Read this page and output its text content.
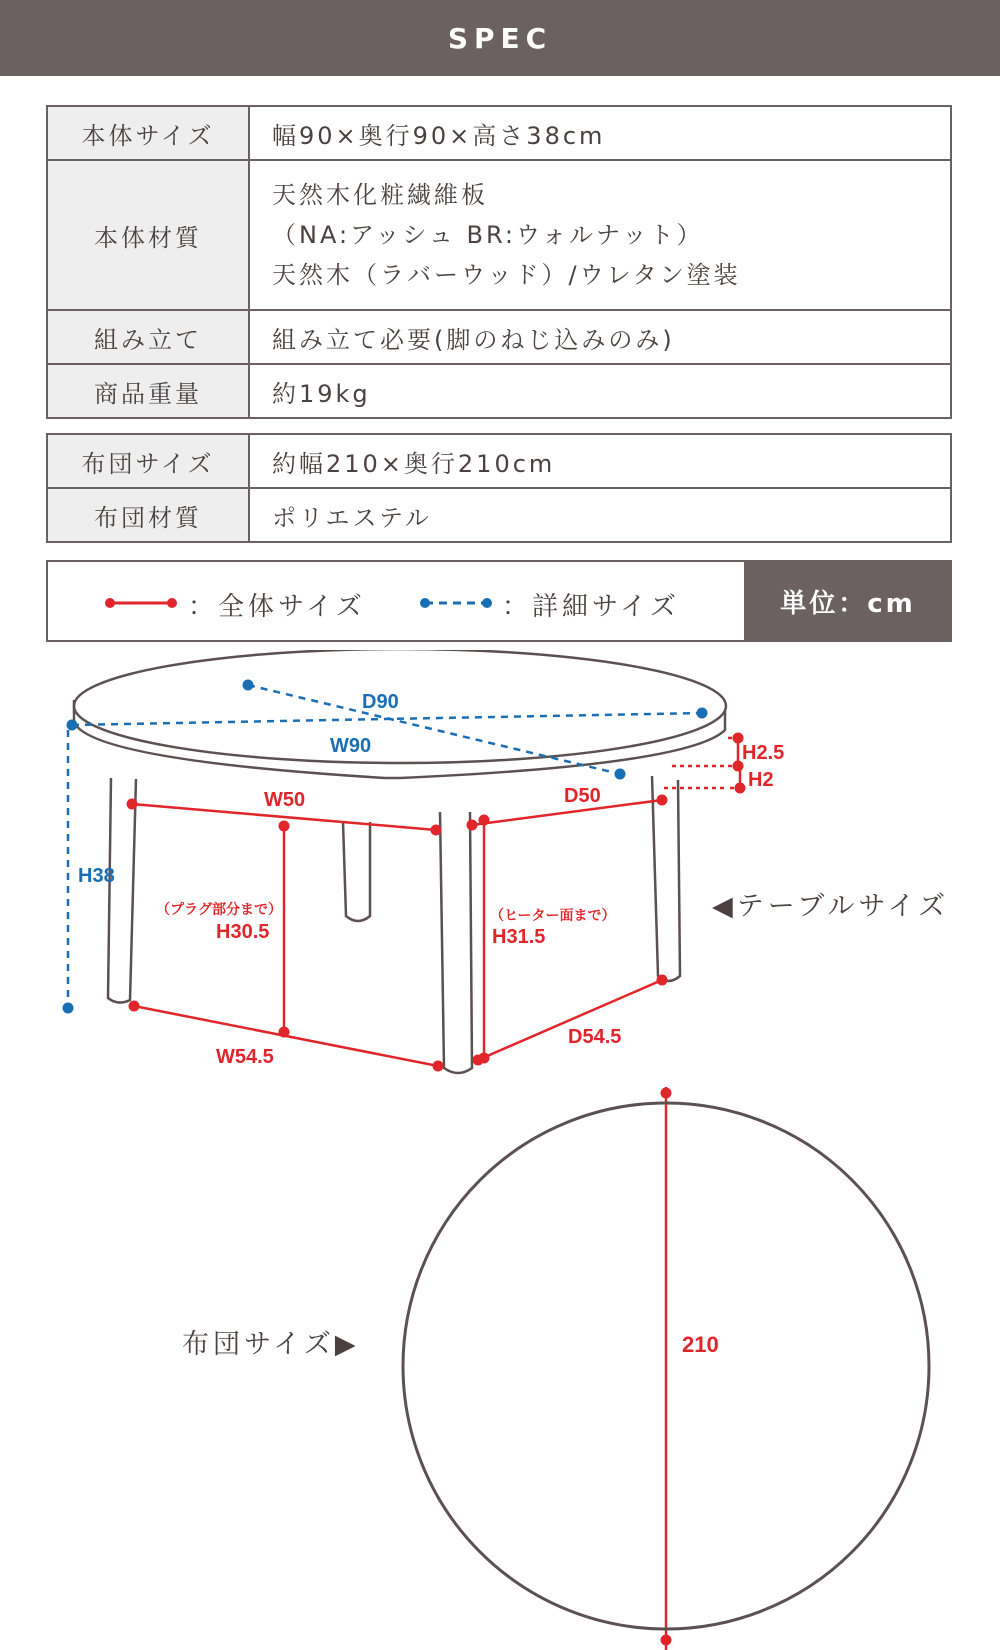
SPEC
本体サイズ	幅90×奥行90×高さ38cm
本体材質	天然木化粧繊維板
（NA:アッシュ BR:ウォルナット）
天然木（ラバーウッド）/ウレタン塗装

組み立て	組み立て必要(脚のねじ込みのみ)
商品重量	約19kg
布団サイズ	約幅210×奥行210cm
布団材質	ポリエステル
：全体サイズ	：詳細サイズ	単位：cm
D90
W90
H38
H2.5
H2
W50	D50
（プラグ部分まで）
H30.5
（ヒーター面まで）
H31.5
W54.5
D54.5
210
◀テーブルサイズ
布団サイズ▶
